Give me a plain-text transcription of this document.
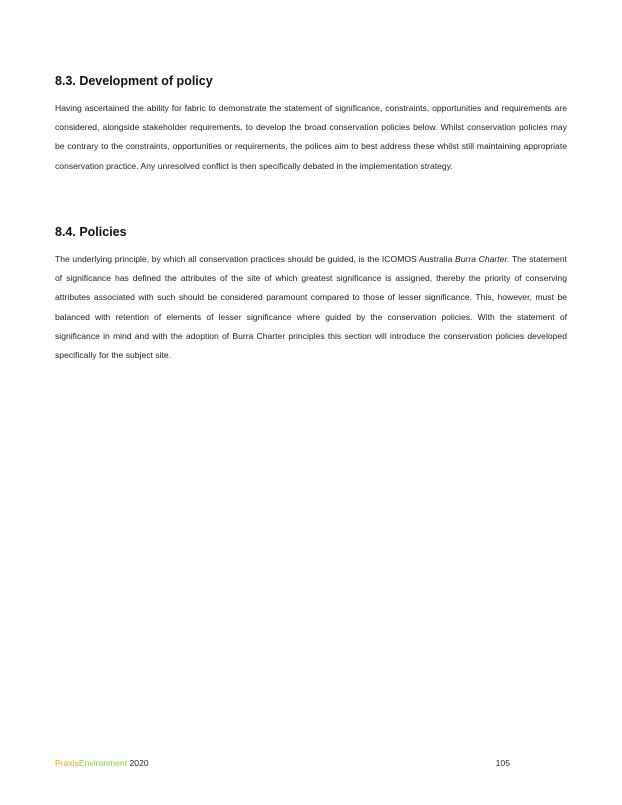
8.3. Development of policy

Having ascertained the ability for fabric to demonstrate the statement of significance, constraints, opportunities and requirements are considered, alongside stakeholder requirements, to develop the broad conservation policies below. Whilst conservation policies may be contrary to the constraints, opportunities or requirements, the polices aim to best address these whilst still maintaining appropriate conservation practice. Any unresolved conflict is then specifically debated in the implementation strategy.

8.4. Policies

The underlying principle, by which all conservation practices should be guided, is the ICOMOS Australia Burra Charter. The statement of significance has defined the attributes of the site of which greatest significance is assigned, thereby the priority of conserving attributes associated with such should be considered paramount compared to those of lesser significance. This, however, must be balanced with retention of elements of lesser significance where guided by the conservation policies. With the statement of significance in mind and with the adoption of Burra Charter principles this section will introduce the conservation policies developed specifically for the subject site.

PraxisEnvironment 2020	105
